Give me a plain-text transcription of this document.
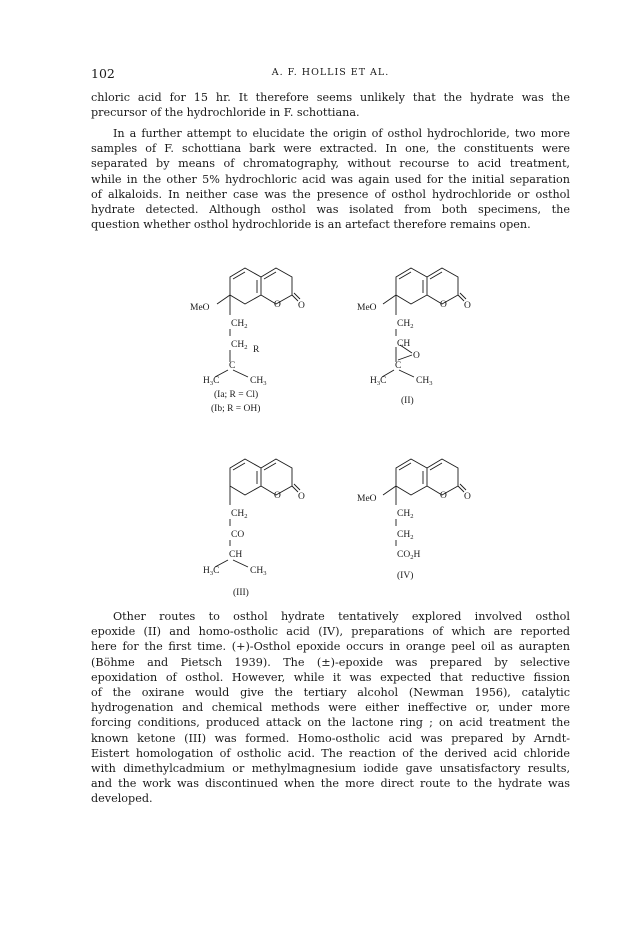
102	A. F. HOLLIS ET AL.
chloric acid for 15 hr. It therefore seems unlikely that the hydrate was the
precursor of the hydrochloride in F. schottiana.
In a further attempt to elucidate the origin of osthol hydrochloride, two more
samples of F. schottiana bark were extracted. In one, the constituents were
separated by means of chromatography, without recourse to acid treatment,
while in the other 5% hydrochloric acid was again used for the initial separation
of alkaloids. In neither case was the presence of osthol hydrochloride or osthol
hydrate detected. Although osthol was isolated from both specimens, the
question whether osthol hydrochloride is an artefact therefore remains open.
Other routes to osthol hydrate tentatively explored involved osthol
epoxide (II) and homo-ostholic acid (IV), preparations of which are reported
here for the first time. (+)-Osthol epoxide occurs in orange peel oil as aurapten
(Böhme and Pietsch 1939). The (±)-epoxide was prepared by selective
epoxidation of osthol. However, while it was expected that reductive fission
of the oxirane would give the tertiary alcohol (Newman 1956), catalytic
hydrogenation and chemical methods were either ineffective or, under more
forcing conditions, produced attack on the lactone ring ; on acid treatment the
known ketone (III) was formed. Homo-ostholic acid was prepared by Arndt-
Eistert homologation of ostholic acid. The reaction of the derived acid chloride
with dimethylcadmium or methylmagnesium iodide gave unsatisfactory results,
and the work was discontinued when the more direct route to the hydrate was
developed.
MeO	O O
$CH_2$
$CH_2$ R
C
$H_3C$	$CH_3$
(Ia; R = Cl)
(Ib; R = OH)
MeO	O O
$CH_2$
CH
O
C
$H_3C$	$CH_3$
(II)
O O
$CH_2$
CO
CH
$H_3C$	$CH_3$
(III)
MeO	O O
$CH_2$
$CH_2$
$CO_2H$
(IV)
